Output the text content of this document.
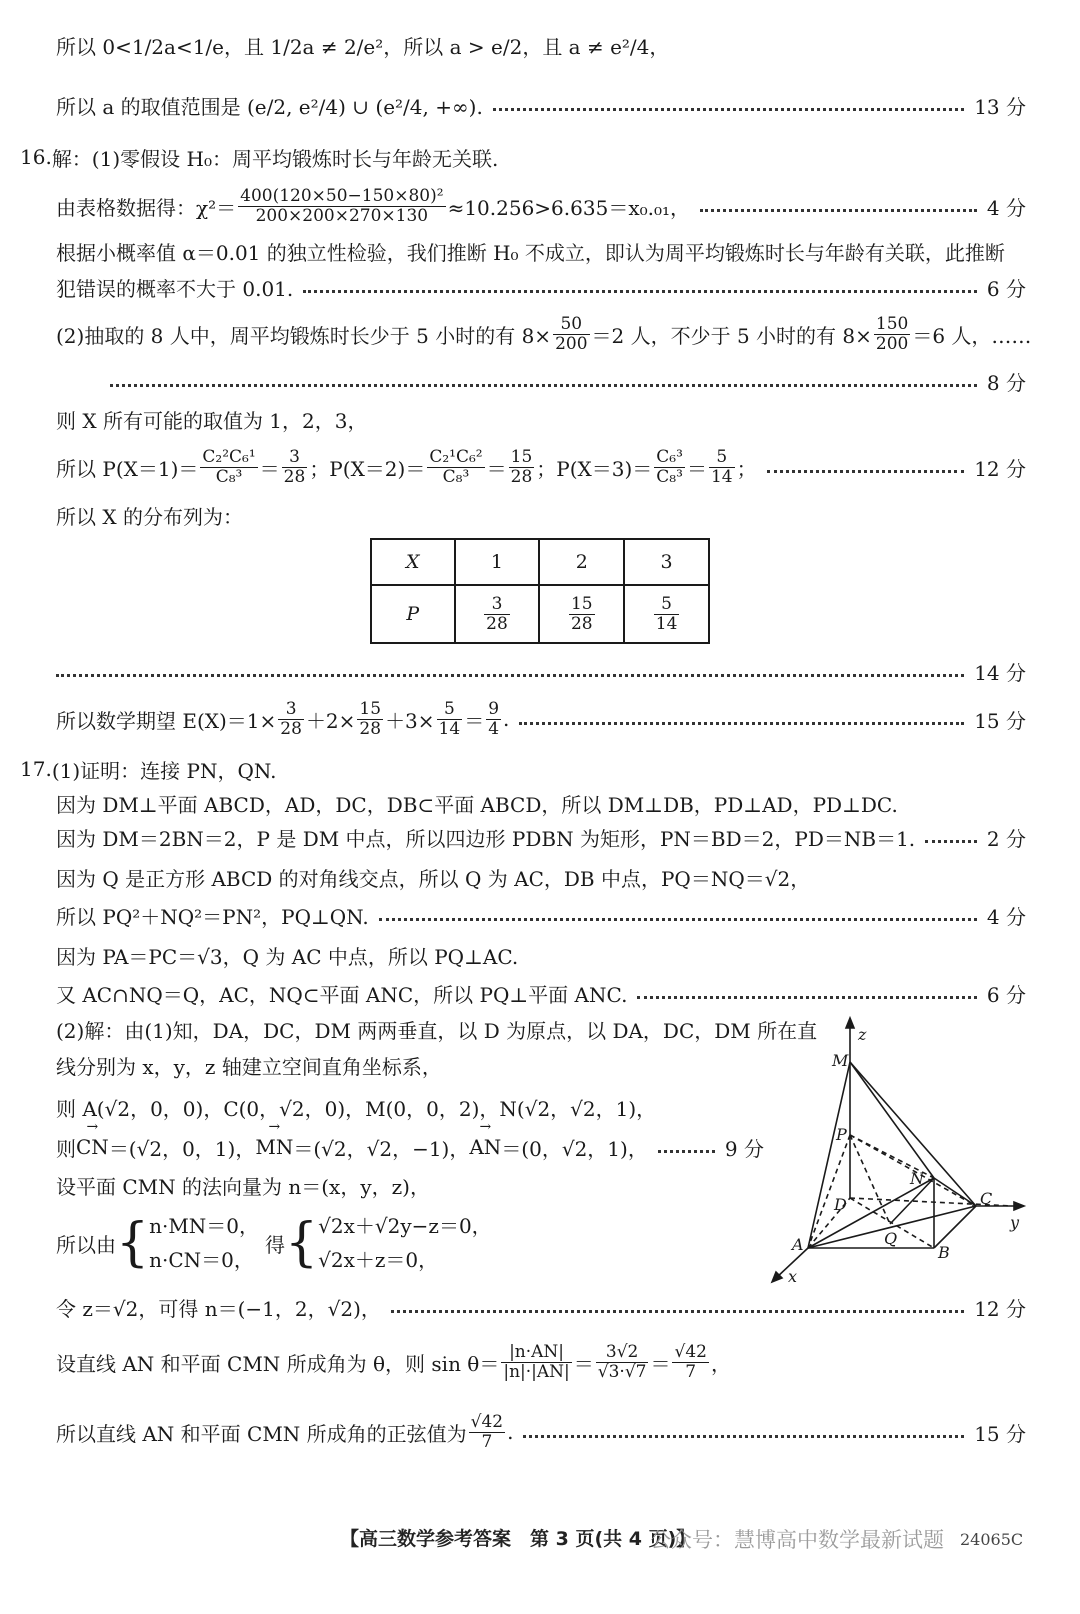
所以 0<1/2a<1/e，且 1/2a ≠ 2/e²，所以 a > e/2，且 a ≠ e²/4，
所以 a 的取值范围是 (e/2, e²/4) ∪ (e²/4, +∞).	13 分
16. 解：(1)零假设 H₀：周平均锻炼时长与年龄无关联.
由表格数据得：$\chi^2= \frac{\text{400(120×50−150×80)²}}{200\times 200\times 270\times 130} \approx 10.256>6.635=x_0._{01}$，	4 分
根据小概率值 α＝0.01 的独立性检验，我们推断 H₀ 不成立，即认为周平均锻炼时长与年龄有关联，此推断
犯错误的概率不大于 0.01.	6 分
(2)抽取的 8 人中，周平均锻炼时长少于 5 小时的有 $8\times \frac{50}{200} =2$ 人，不少于 5 小时的有 $8\times \frac{150}{200} =6$ 人，……
8 分
则 X 所有可能的取值为 1，2，3，
所以 $P(X=1)= \frac{\text{C₂²C₆¹}}{\text{C₈³}} = \frac{3}{28}$ ；$P(X=2)= \frac{\text{C₂¹C₆²}}{\text{C₈³}} = \frac{15}{28}$ ；$P(X=3)= \frac{\text{C₆³}}{\text{C₈³}} = \frac{5}{14}$ ；	12 分
所以 X 的分布列为：
X	1	2	3
P	$\frac{3}{28}$	$\frac{15}{28}$	$\frac{5}{14}$
14 分
所以数学期望 $E(X)=1\times \frac{3}{28} +2\times \frac{15}{28} +3\times \frac{5}{14} = \frac{9}{4}$ .	15 分
17. (1)证明：连接 PN，QN.
因为 DM⊥平面 ABCD，AD，DC，DB⊂平面 ABCD，所以 DM⊥DB，PD⊥AD，PD⊥DC.
因为 DM＝2BN＝2，P 是 DM 中点，所以四边形 PDBN 为矩形，PN＝BD＝2，PD＝NB＝1.	2 分
因为 Q 是正方形 ABCD 的对角线交点，所以 Q 为 AC，DB 中点，PQ＝NQ＝√2，
所以 PQ²＋NQ²＝PN²，PQ⊥QN.	4 分
因为 PA＝PC＝√3，Q 为 AC 中点，所以 PQ⊥AC.
又 AC∩NQ＝Q，AC，NQ⊂平面 ANC，所以 PQ⊥平面 ANC.	6 分
(2)解：由(1)知，DA，DC，DM 两两垂直，以 D 为原点，以 DA，DC，DM 所在直
线分别为 x，y，z 轴建立空间直角坐标系，
则 A(√2，0，0)，C(0，√2，0)，M(0，0，2)，N(√2，√2，1)，
则 → CN ＝(√2，0，1)， → MN ＝(√2，√2，−1)， → AN ＝(0，√2，1)，	9 分
设平面 CMN 的法向量为 n＝(x，y，z)，
所以由 { n·MN＝0，
n·CN＝0，
得 { √2x＋√2y−z＝0，
√2x＋z＝0，
令 z＝√2，可得 n＝(−1，2，√2)，	12 分
设直线 AN 和平面 CMN 所成角为 θ，则 $\sin \theta= \frac{|n\cdot AN|}{|n|\cdot|AN|} = \frac{3√2}{√3\cdot√7} = \frac{√42}{7}$ ，
所以直线 AN 和平面 CMN 所成角的正弦值为 $\frac{√42}{7}$ .	15 分
z
y
x
M
P
N
C
D
Q
A	B
【高三数学参考答案　第 3 页(共 4 页)】
公众号：慧博高中数学最新试题 24065C
